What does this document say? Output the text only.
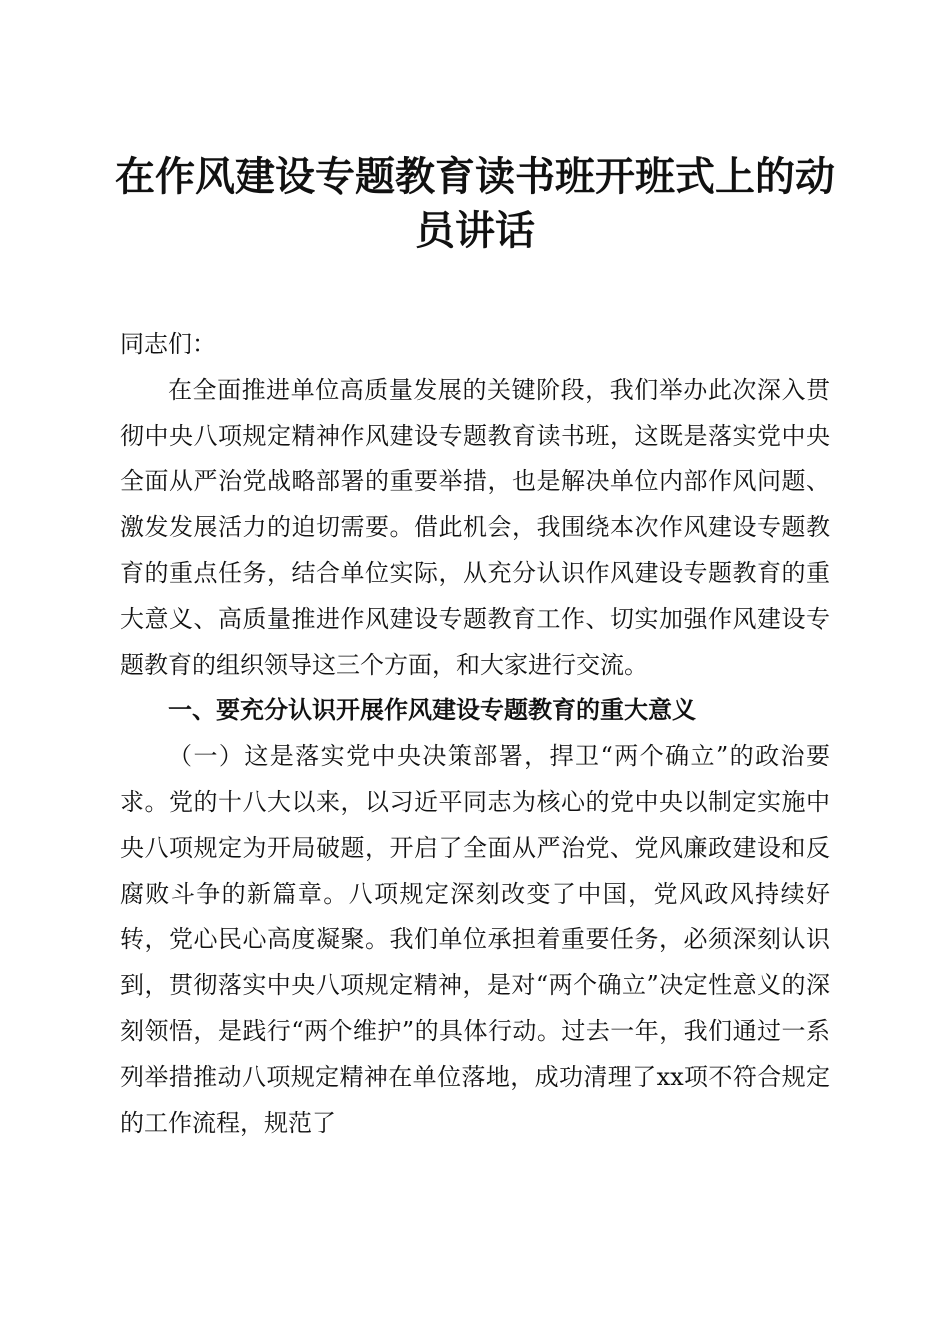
在作风建设专题教育读书班开班式上的动员讲话

同志们：

在全面推进单位高质量发展的关键阶段，我们举办此次深入贯彻中央八项规定精神作风建设专题教育读书班，这既是落实党中央全面从严治党战略部署的重要举措，也是解决单位内部作风问题、激发发展活力的迫切需要。借此机会，我围绕本次作风建设专题教育的重点任务，结合单位实际，从充分认识作风建设专题教育的重大意义、高质量推进作风建设专题教育工作、切实加强作风建设专题教育的组织领导这三个方面，和大家进行交流。

一、要充分认识开展作风建设专题教育的重大意义

（一）这是落实党中央决策部署，捍卫“两个确立”的政治要求。党的十八大以来，以习近平同志为核心的党中央以制定实施中央八项规定为开局破题，开启了全面从严治党、党风廉政建设和反腐败斗争的新篇章。八项规定深刻改变了中国，党风政风持续好转，党心民心高度凝聚。我们单位承担着重要任务，必须深刻认识到，贯彻落实中央八项规定精神，是对“两个确立”决定性意义的深刻领悟，是践行“两个维护”的具体行动。过去一年，我们通过一系列举措推动八项规定精神在单位落地，成功清理了xx项不符合规定的工作流程，规范了
